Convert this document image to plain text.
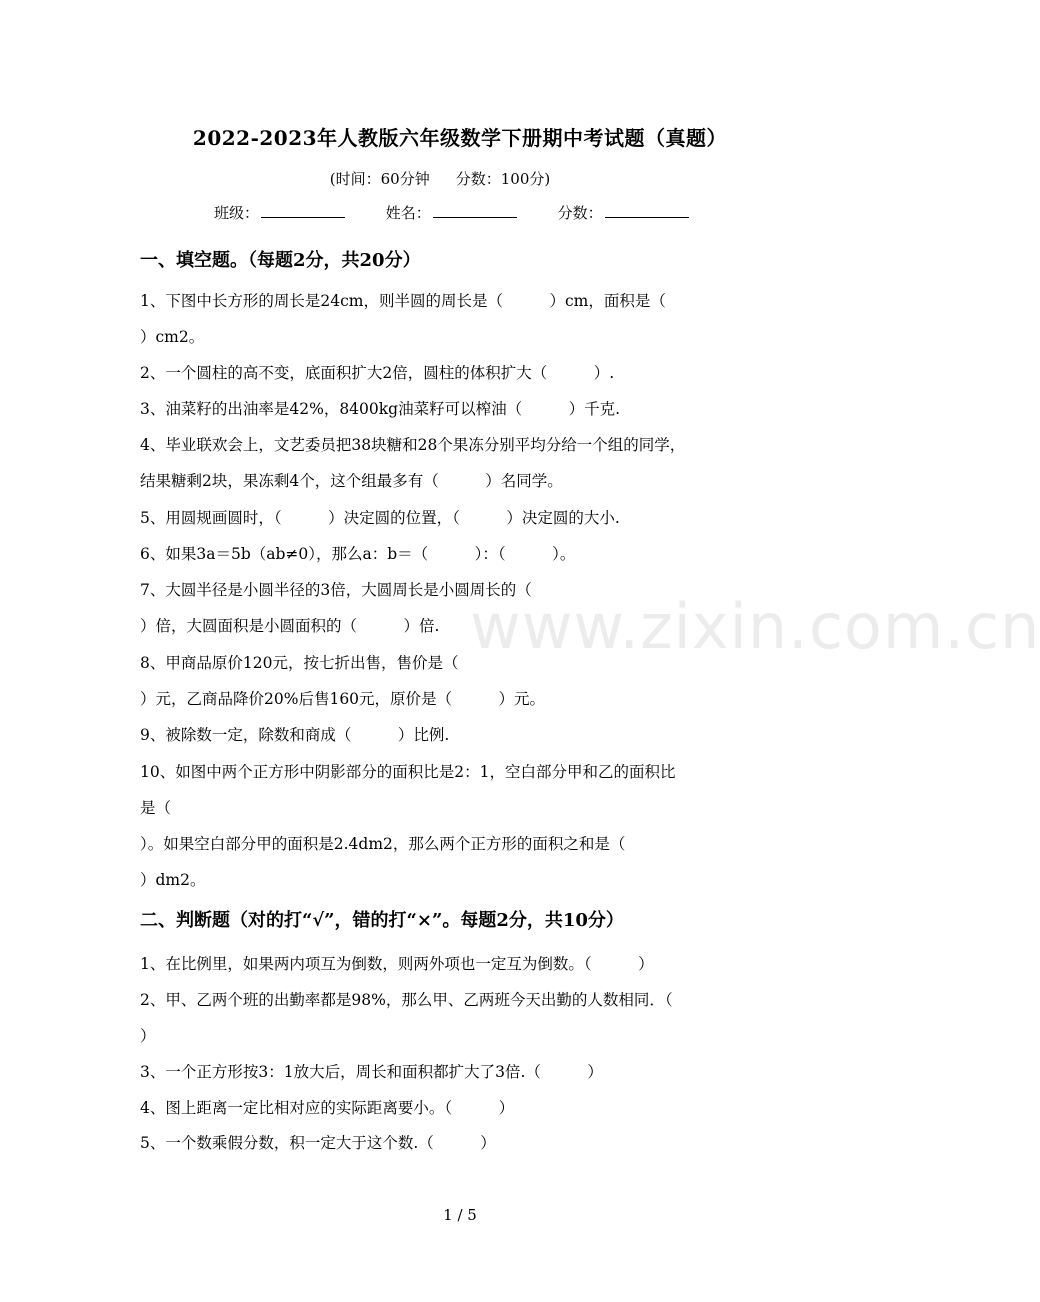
2022-2023年人教版六年级数学下册期中考试题（真题）
(时间：60分钟 分数：100分)
班级：	姓名：	分数：
一、填空题。（每题2分，共20分）
1、下图中长方形的周长是24cm，则半圆的周长是（　　　）cm，面积是（
）cm2。
2、一个圆柱的高不变，底面积扩大2倍，圆柱的体积扩大（　　　）.
3、油菜籽的出油率是42%，8400kg油菜籽可以榨油（　　　）千克.
4、毕业联欢会上，文艺委员把38块糖和28个果冻分别平均分给一个组的同学，
结果糖剩2块，果冻剩4个，这个组最多有（　　　）名同学。
5、用圆规画圆时，（　　　）决定圆的位置，（　　　）决定圆的大小.
6、如果3a＝5b（ab≠0），那么a：b＝（　　　）：（　　　）。
7、大圆半径是小圆半径的3倍，大圆周长是小圆周长的（
）倍，大圆面积是小圆面积的（　　　）倍.
8、甲商品原价120元，按七折出售，售价是（
）元，乙商品降价20%后售160元，原价是（　　　）元。
9、被除数一定，除数和商成（　　　）比例.
10、如图中两个正方形中阴影部分的面积比是2：1，空白部分甲和乙的面积比
是（
）。如果空白部分甲的面积是2.4dm2，那么两个正方形的面积之和是（
）dm2。
二、判断题（对的打“√”，错的打“×”。每题2分，共10分）
1、在比例里，如果两内项互为倒数，则两外项也一定互为倒数。（　　　）
2、甲、乙两个班的出勤率都是98%，那么甲、乙两班今天出勤的人数相同．（
）
3、一个正方形按3：1放大后，周长和面积都扩大了3倍.（　　　）
4、图上距离一定比相对应的实际距离要小。（　　　）
5、一个数乘假分数，积一定大于这个数.（　　　）
www.zixin.com.cn
1 / 5
